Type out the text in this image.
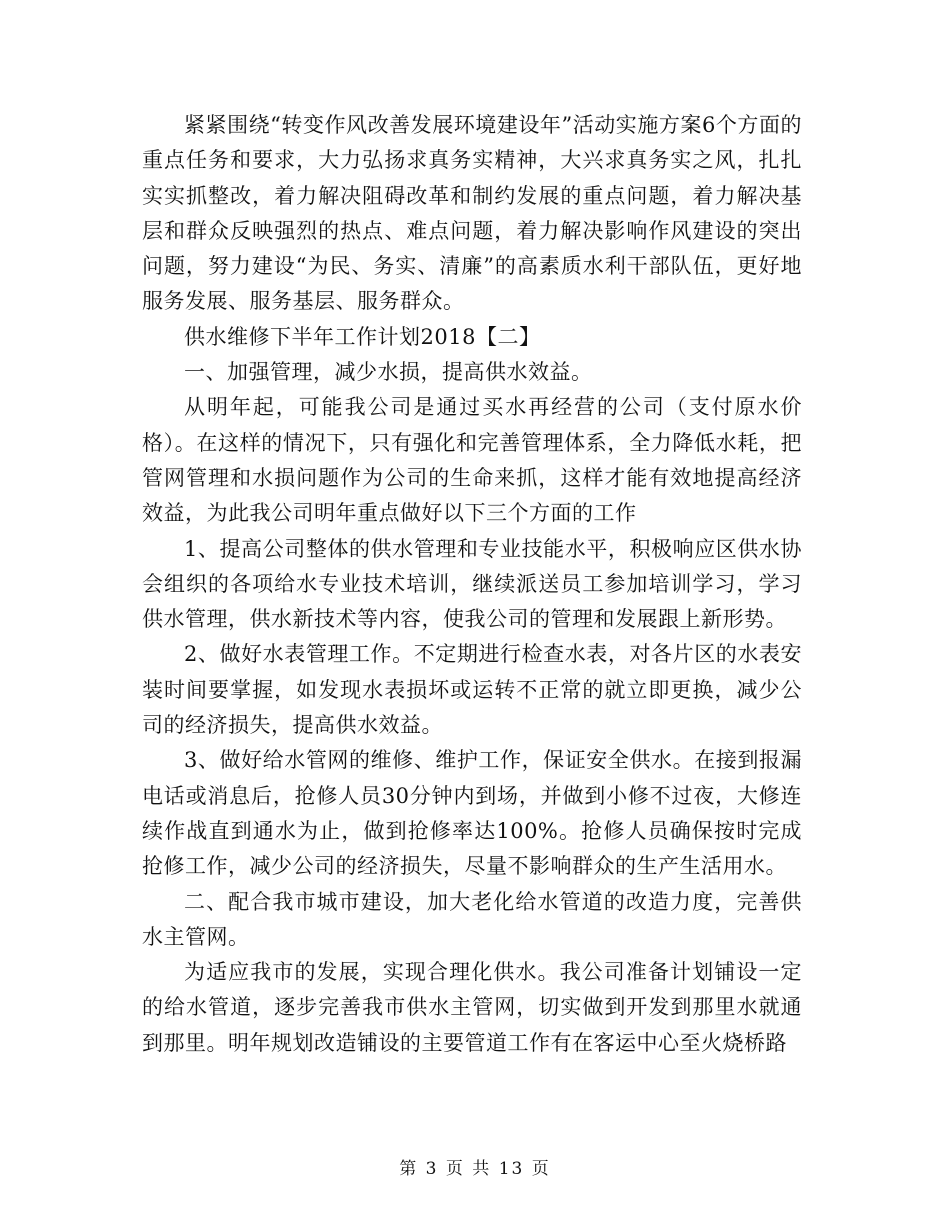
紧紧围绕“转变作风改善发展环境建设年”活动实施方案6个方面的重点任务和要求，大力弘扬求真务实精神，大兴求真务实之风，扎扎实实抓整改，着力解决阻碍改革和制约发展的重点问题，着力解决基层和群众反映强烈的热点、难点问题，着力解决影响作风建设的突出问题，努力建设“为民、务实、清廉”的高素质水利干部队伍，更好地服务发展、服务基层、服务群众。

供水维修下半年工作计划2018【二】

一、加强管理，减少水损，提高供水效益。

从明年起，可能我公司是通过买水再经营的公司（支付原水价格）。在这样的情况下，只有强化和完善管理体系，全力降低水耗，把管网管理和水损问题作为公司的生命来抓，这样才能有效地提高经济效益，为此我公司明年重点做好以下三个方面的工作

1、提高公司整体的供水管理和专业技能水平，积极响应区供水协会组织的各项给水专业技术培训，继续派送员工参加培训学习，学习供水管理，供水新技术等内容，使我公司的管理和发展跟上新形势。

2、做好水表管理工作。不定期进行检查水表，对各片区的水表安装时间要掌握，如发现水表损坏或运转不正常的就立即更换，减少公司的经济损失，提高供水效益。

3、做好给水管网的维修、维护工作，保证安全供水。在接到报漏电话或消息后，抢修人员30分钟内到场，并做到小修不过夜，大修连续作战直到通水为止，做到抢修率达100%。抢修人员确保按时完成抢修工作，减少公司的经济损失，尽量不影响群众的生产生活用水。

二、配合我市城市建设，加大老化给水管道的改造力度，完善供水主管网。

为适应我市的发展，实现合理化供水。我公司准备计划铺设一定的给水管道，逐步完善我市供水主管网，切实做到开发到那里水就通到那里。明年规划改造铺设的主要管道工作有在客运中心至火烧桥路

第 3 页 共 13 页
